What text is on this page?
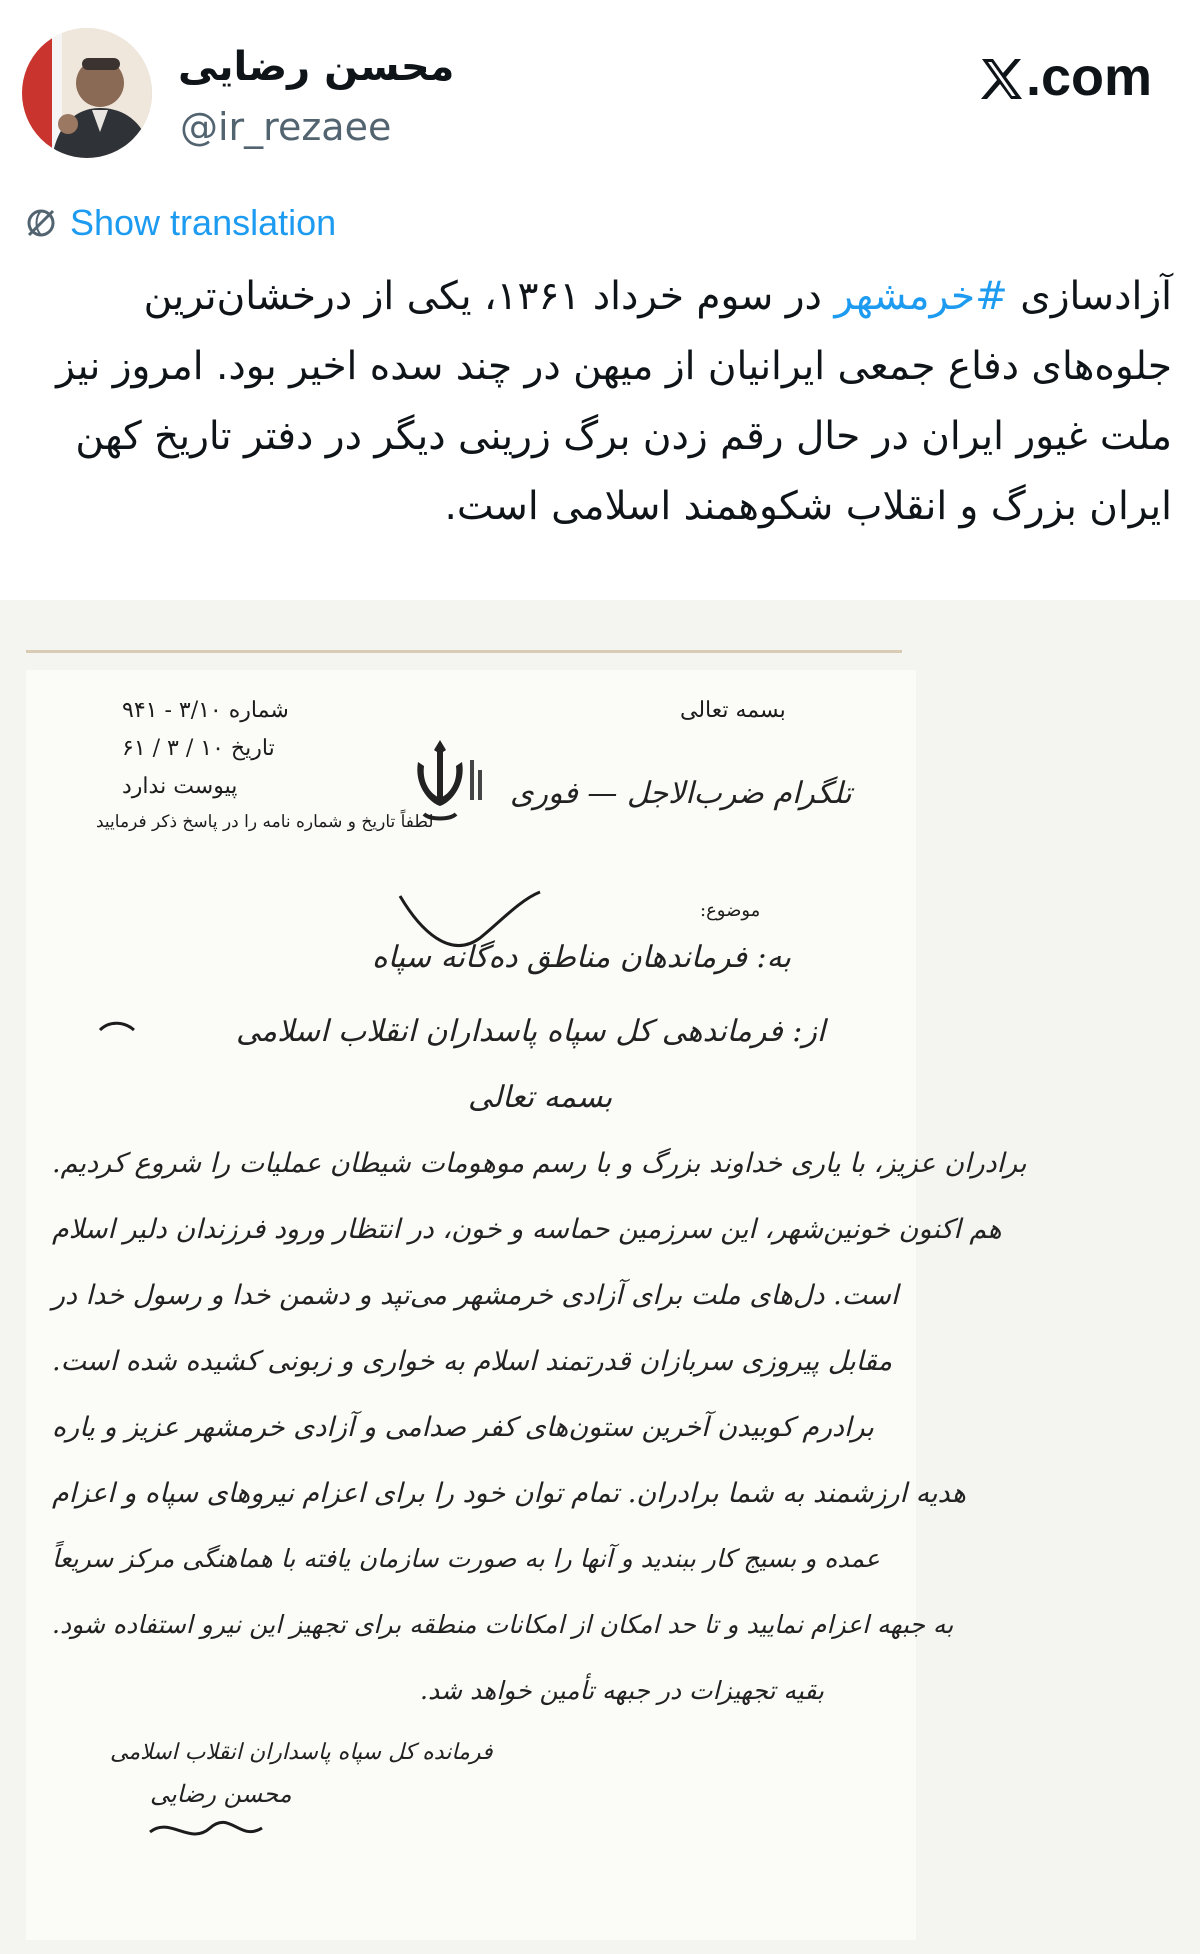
محسن رضایی
@ir_rezaee
.com
Show translation
آزادسازی #خرمشهر در سوم خرداد ۱۳۶۱، یکی از درخشان‌ترین جلوه‌های دفاع جمعی ایرانیان از میهن در چند سده اخیر بود. امروز نیز ملت غیور ایران در حال رقم زدن برگ زرینی دیگر در دفتر تاریخ کهن ایران بزرگ و انقلاب شکوهمند اسلامی است.
بسمه تعالی
شماره ۳/۱۰ - ۹۴۱
تاریخ ۱۰ / ۳ / ۶۱
پیوست ندارد
لطفاً تاریخ و شماره نامه را در پاسخ ذکر فرمایید
تلگرام ضرب‌الاجل — فوری
موضوع:
به: فرماندهان مناطق ده‌گانه سپاه
از: فرماندهی کل سپاه پاسداران انقلاب اسلامی
بسمه تعالی
برادران عزیز، با یاری خداوند بزرگ و با رسم موهومات شیطان عملیات را شروع کردیم.
هم اکنون خونین‌شهر، این سرزمین حماسه و خون، در انتظار ورود فرزندان دلیر اسلام
است. دل‌های ملت برای آزادی خرمشهر می‌تپد و دشمن خدا و رسول خدا در
مقابل پیروزی سربازان قدرتمند اسلام به خواری و زبونی کشیده شده است.
برادرم کوبیدن آخرین ستون‌های کفر صدامی و آزادی خرمشهر عزیز و یاره
هدیه ارزشمند به شما برادران. تمام توان خود را برای اعزام نیروهای سپاه و اعزام
عمده و بسیج کار ببندید و آنها را به صورت سازمان یافته با هماهنگی مرکز سریعاً
به جبهه اعزام نمایید و تا حد امکان از امکانات منطقه برای تجهیز این نیرو استفاده شود.
بقیه تجهیزات در جبهه تأمین خواهد شد.
فرمانده کل سپاه پاسداران انقلاب اسلامی
محسن رضایی
